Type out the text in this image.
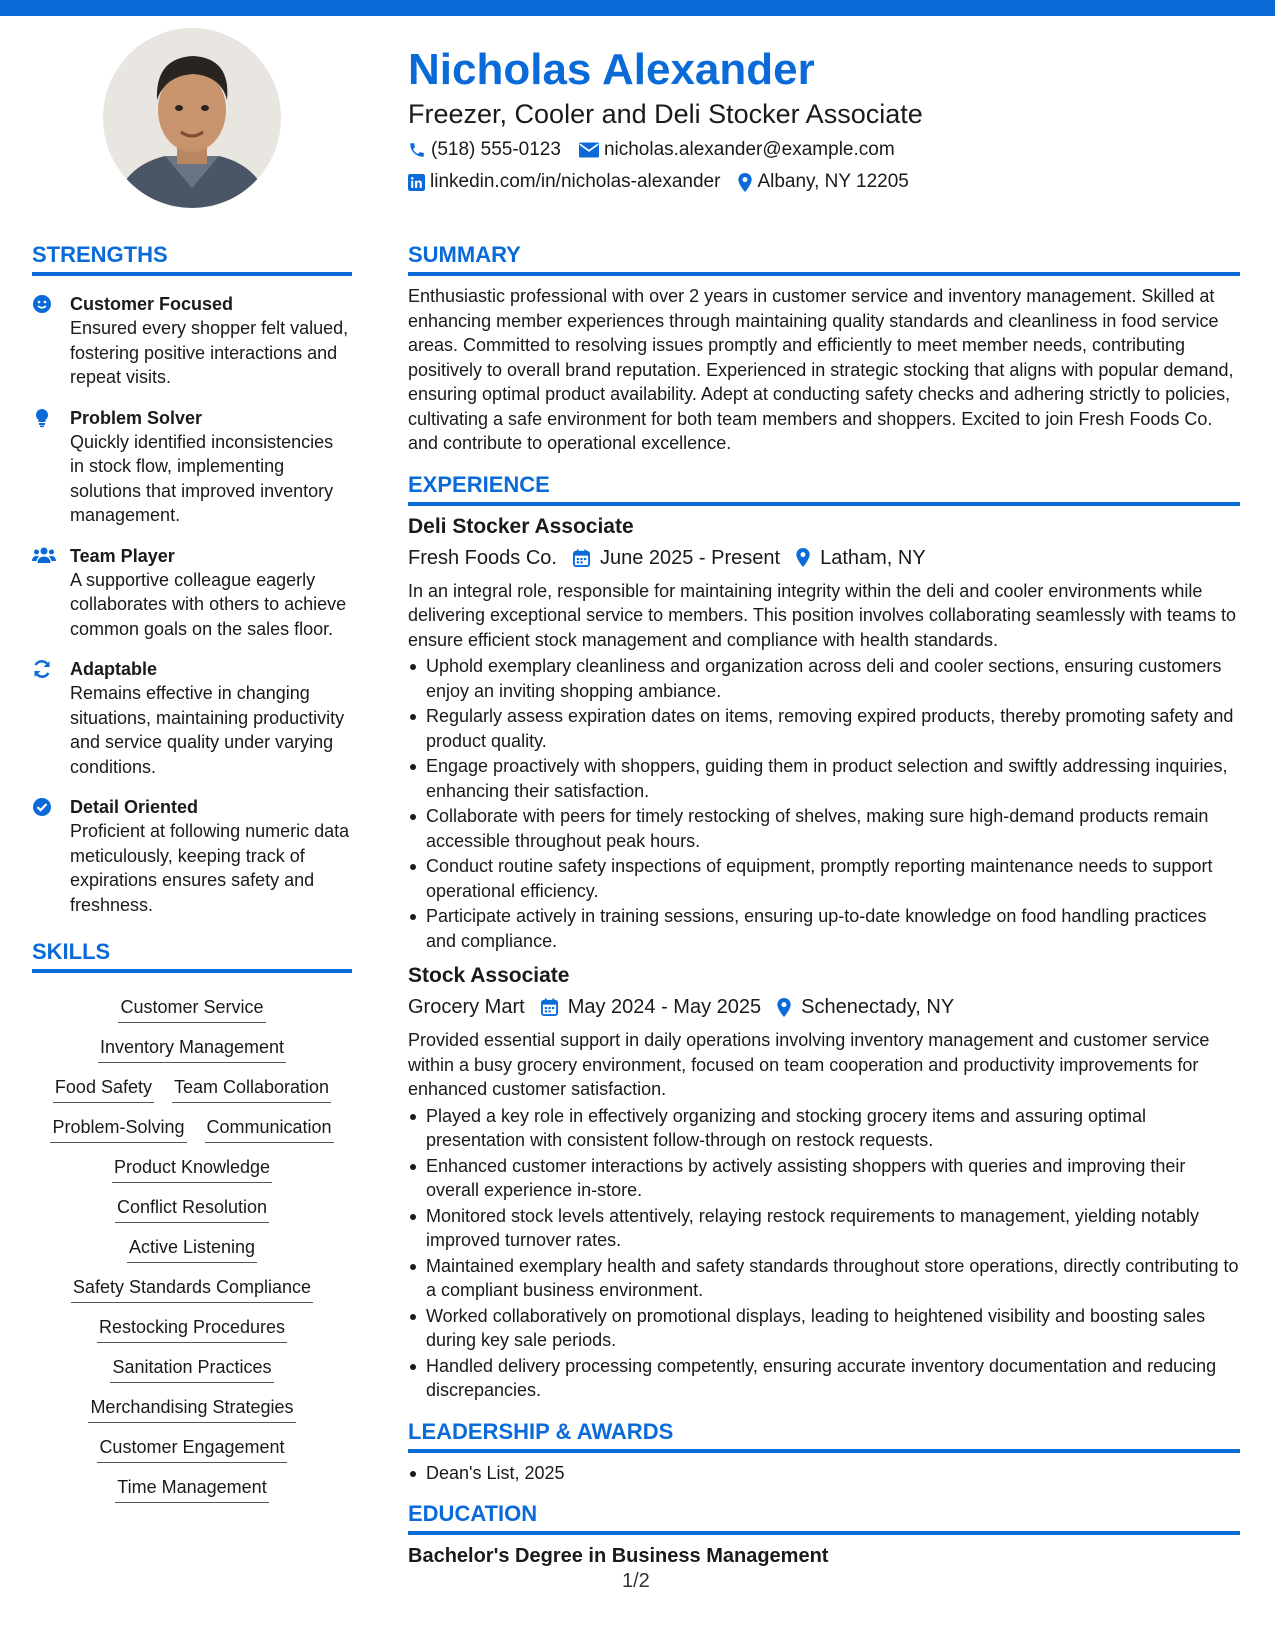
Nicholas Alexander
Freezer, Cooler and Deli Stocker Associate
(518) 555-0123 nicholas.alexander@example.com
linkedin.com/in/nicholas-alexander Albany, NY 12205
STRENGTHS
Customer Focused
Ensured every shopper felt valued, fostering positive interactions and repeat visits.
Problem Solver
Quickly identified inconsistencies in stock flow, implementing solutions that improved inventory management.
Team Player
A supportive colleague eagerly collaborates with others to achieve common goals on the sales floor.
Adaptable
Remains effective in changing situations, maintaining productivity and service quality under varying conditions.
Detail Oriented
Proficient at following numeric data meticulously, keeping track of expirations ensures safety and freshness.
SKILLS
Customer Service
Inventory Management
Food Safety Team Collaboration
Problem-Solving Communication
Product Knowledge
Conflict Resolution
Active Listening
Safety Standards Compliance
Restocking Procedures
Sanitation Practices
Merchandising Strategies
Customer Engagement
Time Management
SUMMARY
Enthusiastic professional with over 2 years in customer service and inventory management. Skilled at enhancing member experiences through maintaining quality standards and cleanliness in food service areas. Committed to resolving issues promptly and efficiently to meet member needs, contributing positively to overall brand reputation. Experienced in strategic stocking that aligns with popular demand, ensuring optimal product availability. Adept at conducting safety checks and adhering strictly to policies, cultivating a safe environment for both team members and shoppers. Excited to join Fresh Foods Co. and contribute to operational excellence.
EXPERIENCE
Deli Stocker Associate
Fresh Foods Co. June 2025 - Present Latham, NY
In an integral role, responsible for maintaining integrity within the deli and cooler environments while delivering exceptional service to members. This position involves collaborating seamlessly with teams to ensure efficient stock management and compliance with health standards.
Uphold exemplary cleanliness and organization across deli and cooler sections, ensuring customers enjoy an inviting shopping ambiance.
Regularly assess expiration dates on items, removing expired products, thereby promoting safety and product quality.
Engage proactively with shoppers, guiding them in product selection and swiftly addressing inquiries, enhancing their satisfaction.
Collaborate with peers for timely restocking of shelves, making sure high-demand products remain accessible throughout peak hours.
Conduct routine safety inspections of equipment, promptly reporting maintenance needs to support operational efficiency.
Participate actively in training sessions, ensuring up-to-date knowledge on food handling practices and compliance.
Stock Associate
Grocery Mart May 2024 - May 2025 Schenectady, NY
Provided essential support in daily operations involving inventory management and customer service within a busy grocery environment, focused on team cooperation and productivity improvements for enhanced customer satisfaction.
Played a key role in effectively organizing and stocking grocery items and assuring optimal presentation with consistent follow-through on restock requests.
Enhanced customer interactions by actively assisting shoppers with queries and improving their overall experience in-store.
Monitored stock levels attentively, relaying restock requirements to management, yielding notably improved turnover rates.
Maintained exemplary health and safety standards throughout store operations, directly contributing to a compliant business environment.
Worked collaboratively on promotional displays, leading to heightened visibility and boosting sales during key sale periods.
Handled delivery processing competently, ensuring accurate inventory documentation and reducing discrepancies.
LEADERSHIP & AWARDS
Dean's List, 2025
EDUCATION
Bachelor's Degree in Business Management
1/2
